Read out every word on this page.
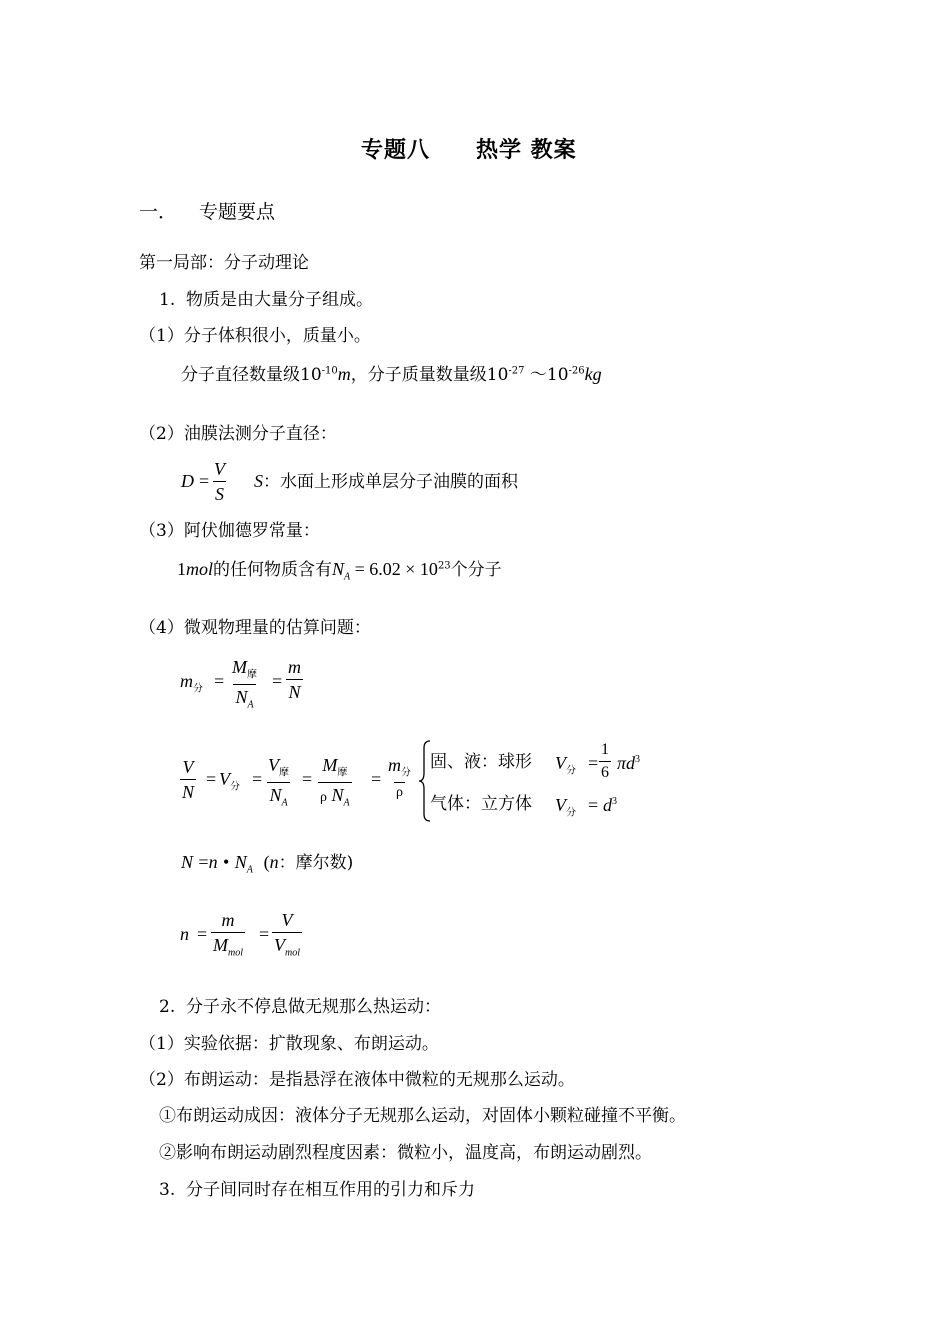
专题八　　热学 教案
一． 专题要点
第一局部：分子动理论
1. 物质是由大量分子组成。
（1）分子体积很小，质量小。
分子直径数量级$10^{-10}m$，分子质量数量级$10^{-27}$ $\sim 10^{-26}kg$
（2）油膜法测分子直径：
$D = \frac{V}{S}$ S：水面上形成单层分子油膜的面积
（3）阿伏伽德罗常量：
1mol的任何物质含有$N_A = 6.02 \times 10^{23}$个分子
（4）微观物理量的估算问题：
$m_分$ =
$M_摩$
$N_A$
= $\frac{m}{N}$
$\frac{V}{N} = V_分$ =
$V_摩$
$N_A$
=
$M_摩$
ρ $N_A$
=
$m_分$
ρ
固、液：球形 $V_分 = \frac{1}{6} \pi d^3$
气体：立方体 $V_分 = d^3$
N =n • $N_A$ (n：摩尔数)
n =
m
$M_{mol}$
=
V
$V_{mol}$
2. 分子永不停息做无规那么热运动：
（1）实验依据：扩散现象、布朗运动。
（2）布朗运动：是指悬浮在液体中微粒的无规那么运动。
①布朗运动成因：液体分子无规那么运动，对固体小颗粒碰撞不平衡。
②影响布朗运动剧烈程度因素：微粒小，温度高，布朗运动剧烈。
3. 分子间同时存在相互作用的引力和斥力
